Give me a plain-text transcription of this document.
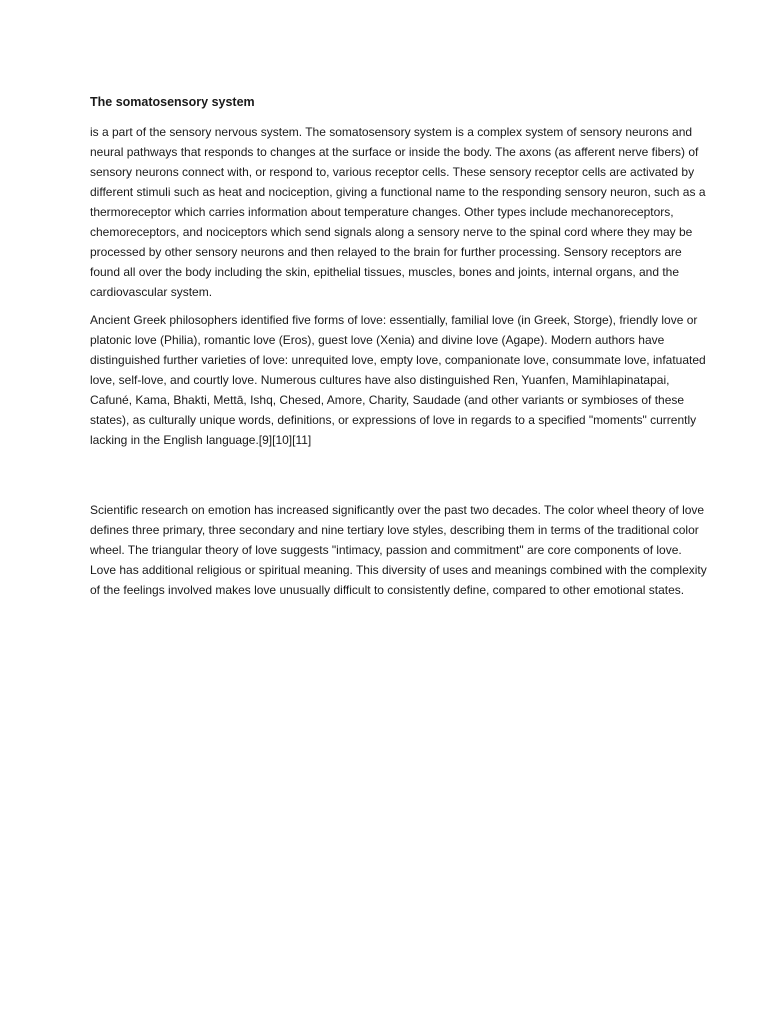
The somatosensory system

is a part of the sensory nervous system. The somatosensory system is a complex system of sensory neurons and neural pathways that responds to changes at the surface or inside the body. The axons (as afferent nerve fibers) of sensory neurons connect with, or respond to, various receptor cells. These sensory receptor cells are activated by different stimuli such as heat and nociception, giving a functional name to the responding sensory neuron, such as a thermoreceptor which carries information about temperature changes. Other types include mechanoreceptors, chemoreceptors, and nociceptors which send signals along a sensory nerve to the spinal cord where they may be processed by other sensory neurons and then relayed to the brain for further processing. Sensory receptors are found all over the body including the skin, epithelial tissues, muscles, bones and joints, internal organs, and the cardiovascular system.

Ancient Greek philosophers identified five forms of love: essentially, familial love (in Greek, Storge), friendly love or platonic love (Philia), romantic love (Eros), guest love (Xenia) and divine love (Agape). Modern authors have distinguished further varieties of love: unrequited love, empty love, companionate love, consummate love, infatuated love, self-love, and courtly love. Numerous cultures have also distinguished Ren, Yuanfen, Mamihlapinatapai, Cafuné, Kama, Bhakti, Mettā, Ishq, Chesed, Amore, Charity, Saudade (and other variants or symbioses of these states), as culturally unique words, definitions, or expressions of love in regards to a specified "moments" currently lacking in the English language.[9][10][11]

Scientific research on emotion has increased significantly over the past two decades. The color wheel theory of love defines three primary, three secondary and nine tertiary love styles, describing them in terms of the traditional color wheel. The triangular theory of love suggests "intimacy, passion and commitment" are core components of love. Love has additional religious or spiritual meaning. This diversity of uses and meanings combined with the complexity of the feelings involved makes love unusually difficult to consistently define, compared to other emotional states.
